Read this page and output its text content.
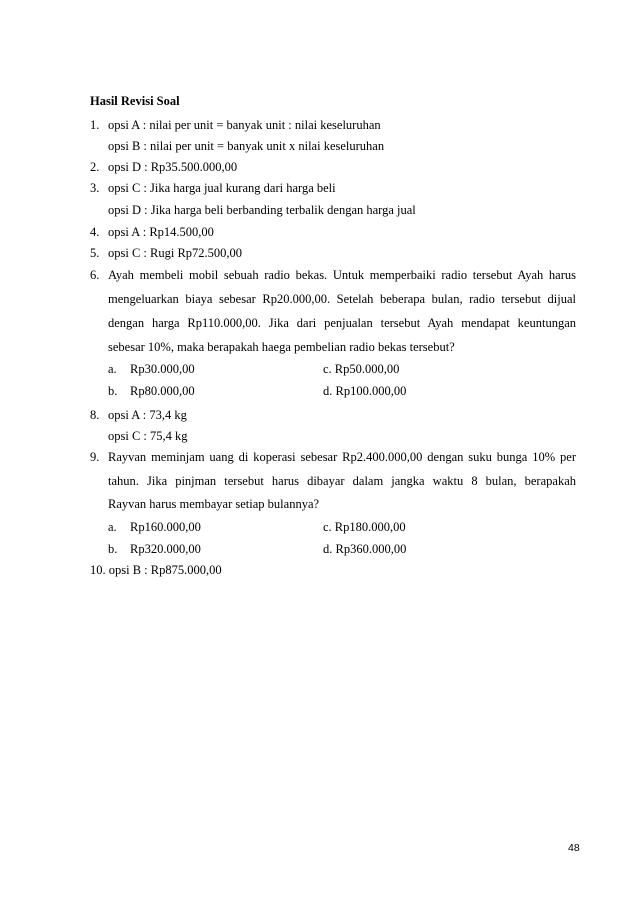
Hasil Revisi Soal
1. opsi A : nilai per unit = banyak unit : nilai keseluruhan
opsi B : nilai per unit = banyak unit x nilai keseluruhan
2. opsi D : Rp35.500.000,00
3. opsi C : Jika harga jual kurang dari harga beli
opsi D : Jika harga beli berbanding terbalik dengan harga jual
4. opsi A : Rp14.500,00
5. opsi C : Rugi Rp72.500,00
6. Ayah membeli mobil sebuah radio bekas. Untuk memperbaiki radio tersebut Ayah harus
mengeluarkan biaya sebesar Rp20.000,00. Setelah beberapa bulan, radio tersebut dijual
dengan harga Rp110.000,00. Jika dari penjualan tersebut Ayah mendapat keuntungan
sebesar 10%, maka berapakah haega pembelian radio bekas tersebut?
a. Rp30.000,00	c. Rp50.000,00
b. Rp80.000,00	d. Rp100.000,00
8. opsi A : 73,4 kg
opsi C : 75,4 kg
9. Rayvan meminjam uang di koperasi sebesar Rp2.400.000,00 dengan suku bunga 10% per
tahun. Jika pinjman tersebut harus dibayar dalam jangka waktu 8 bulan, berapakah
Rayvan harus membayar setiap bulannya?
a. Rp160.000,00	c. Rp180.000,00
b. Rp320.000,00	d. Rp360.000,00
10. opsi B : Rp875.000,00
48
